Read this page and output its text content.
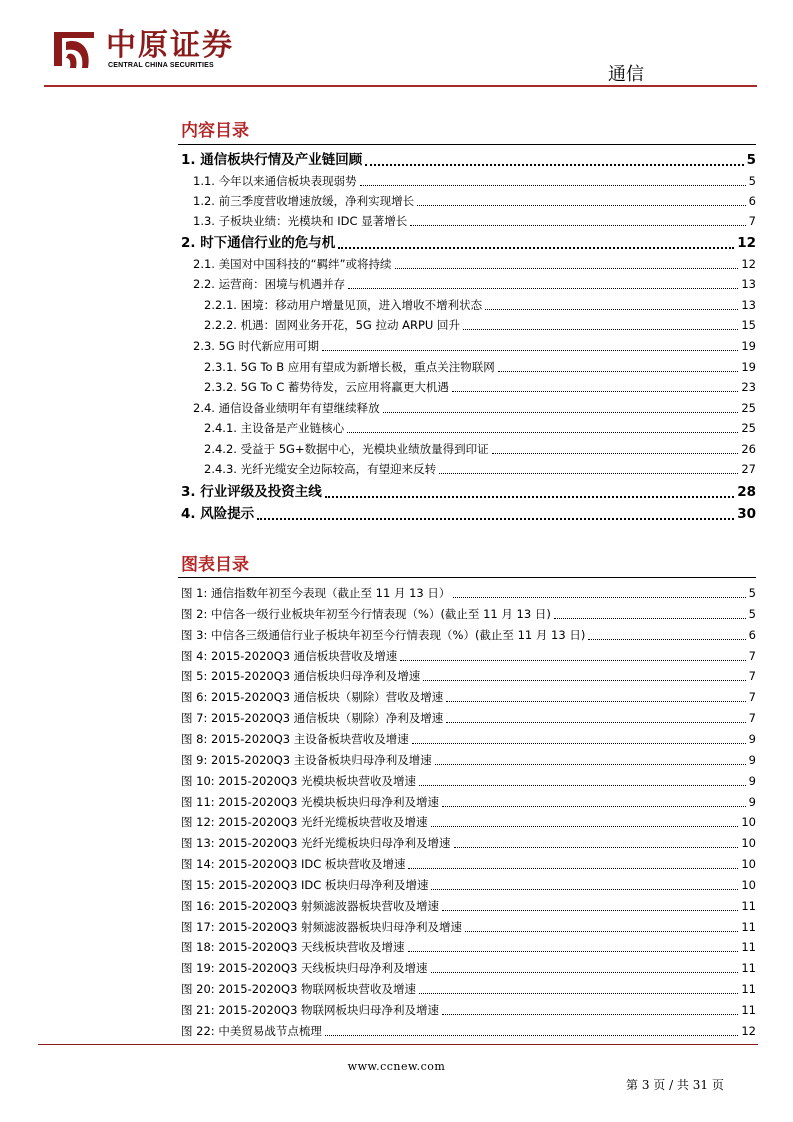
中原证券
CENTRAL CHINA SECURITIES	通信
内容目录
1. 通信板块行情及产业链回顾	5
1.1. 今年以来通信板块表现弱势	5
1.2. 前三季度营收增速放缓，净利实现增长	6
1.3. 子板块业绩：光模块和 IDC 显著增长	7
2. 时下通信行业的危与机	12
2.1. 美国对中国科技的“羁绊”或将持续	12
2.2. 运营商：困境与机遇并存	13
2.2.1. 困境：移动用户增量见顶，进入增收不增利状态	13
2.2.2. 机遇：固网业务开花，5G 拉动 ARPU 回升	15
2.3. 5G 时代新应用可期	19
2.3.1. 5G To B 应用有望成为新增长极，重点关注物联网	19
2.3.2. 5G To C 蓄势待发，云应用将赢更大机遇	23
2.4. 通信设备业绩明年有望继续释放	25
2.4.1. 主设备是产业链核心	25
2.4.2. 受益于 5G+数据中心，光模块业绩放量得到印证	26
2.4.3. 光纤光缆安全边际较高，有望迎来反转	27
3. 行业评级及投资主线	28
4. 风险提示	30
图表目录
图 1: 通信指数年初至今表现（截止至 11 月 13 日）	5
图 2: 中信各一级行业板块年初至今行情表现（%）(截止至 11 月 13 日)	5
图 3: 中信各三级通信行业子板块年初至今行情表现（%）(截止至 11 月 13 日)	6
图 4: 2015-2020Q3 通信板块营收及增速	7
图 5: 2015-2020Q3 通信板块归母净利及增速	7
图 6: 2015-2020Q3 通信板块（剔除）营收及增速	7
图 7: 2015-2020Q3 通信板块（剔除）净利及增速	7
图 8: 2015-2020Q3 主设备板块营收及增速	9
图 9: 2015-2020Q3 主设备板块归母净利及增速	9
图 10: 2015-2020Q3 光模块板块营收及增速	9
图 11: 2015-2020Q3 光模块板块归母净利及增速	9
图 12: 2015-2020Q3 光纤光缆板块营收及增速	10
图 13: 2015-2020Q3 光纤光缆板块归母净利及增速	10
图 14: 2015-2020Q3 IDC 板块营收及增速	10
图 15: 2015-2020Q3 IDC 板块归母净利及增速	10
图 16: 2015-2020Q3 射频滤波器板块营收及增速	11
图 17: 2015-2020Q3 射频滤波器板块归母净利及增速	11
图 18: 2015-2020Q3 天线板块营收及增速	11
图 19: 2015-2020Q3 天线板块归母净利及增速	11
图 20: 2015-2020Q3 物联网板块营收及增速	11
图 21: 2015-2020Q3 物联网板块归母净利及增速	11
图 22: 中美贸易战节点梳理	12
www.ccnew.com
第 3 页 / 共 31 页
